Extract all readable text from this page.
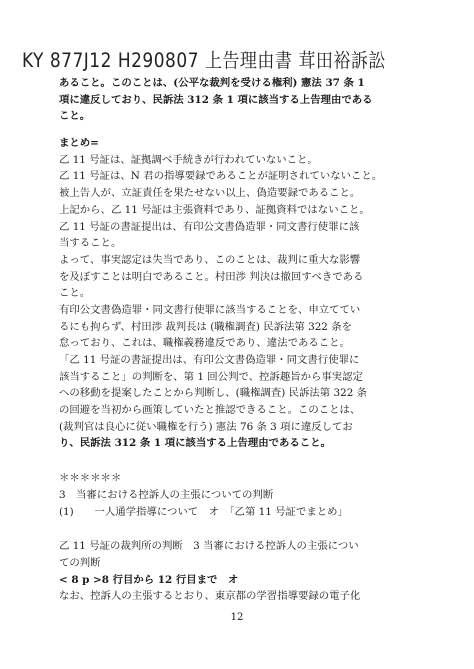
KY 877J12 H290807 上告理由書 茸田裕訴訟
あること。このことは、(公平な裁判を受ける権利) 憲法 37 条 1
項に違反しており、民訴法 312 条 1 項に該当する上告理由である
こと。
まとめ=
乙 11 号証は、証拠調べ手続きが行われていないこと。
乙 11 号証は、N 君の指導要録であることが証明されていないこと。
被上告人が、立証責任を果たせない以上、偽造要録であること。
上記から、乙 11 号証は主張資料であり、証拠資料ではないこと。
乙 11 号証の書証提出は、有印公文書偽造罪・同文書行使罪に該
当すること。
よって、事実認定は失当であり、このことは、裁判に重大な影響
を及ぼすことは明白であること。村田渉 判決は撤回すべきである
こと。
有印公文書偽造罪・同文書行使罪に該当することを、申立ててい
るにも拘らず、村田渉 裁判長は (職権調査) 民訴法第 322 条を
怠っており、これは、職権義務違反であり、違法であること。
「乙 11 号証の書証提出は、有印公文書偽造罪・同文書行使罪に
該当すること」の判断を、第 1 回公判で、控訴趣旨から事実認定
への移動を提案したことから判断し、(職権調査) 民訴法第 322 条
の回避を当初から画策していたと推認できること。このことは、
(裁判官は良心に従い職権を行う) 憲法 76 条 3 項に違反してお
り、民訴法 312 条 1 項に該当する上告理由であること。
＊＊＊＊＊＊
3　当審における控訴人の主張についての判断
(1)　　一人通学指導について　オ　「乙第 11 号証でまとめ」
乙 11 号証の裁判所の判断　3 当審における控訴人の主張につい
ての判断
< 8 p >8 行目から 12 行目まで　オ
なお、控訴人の主張するとおり、東京都の学習指導要録の電子化
12
